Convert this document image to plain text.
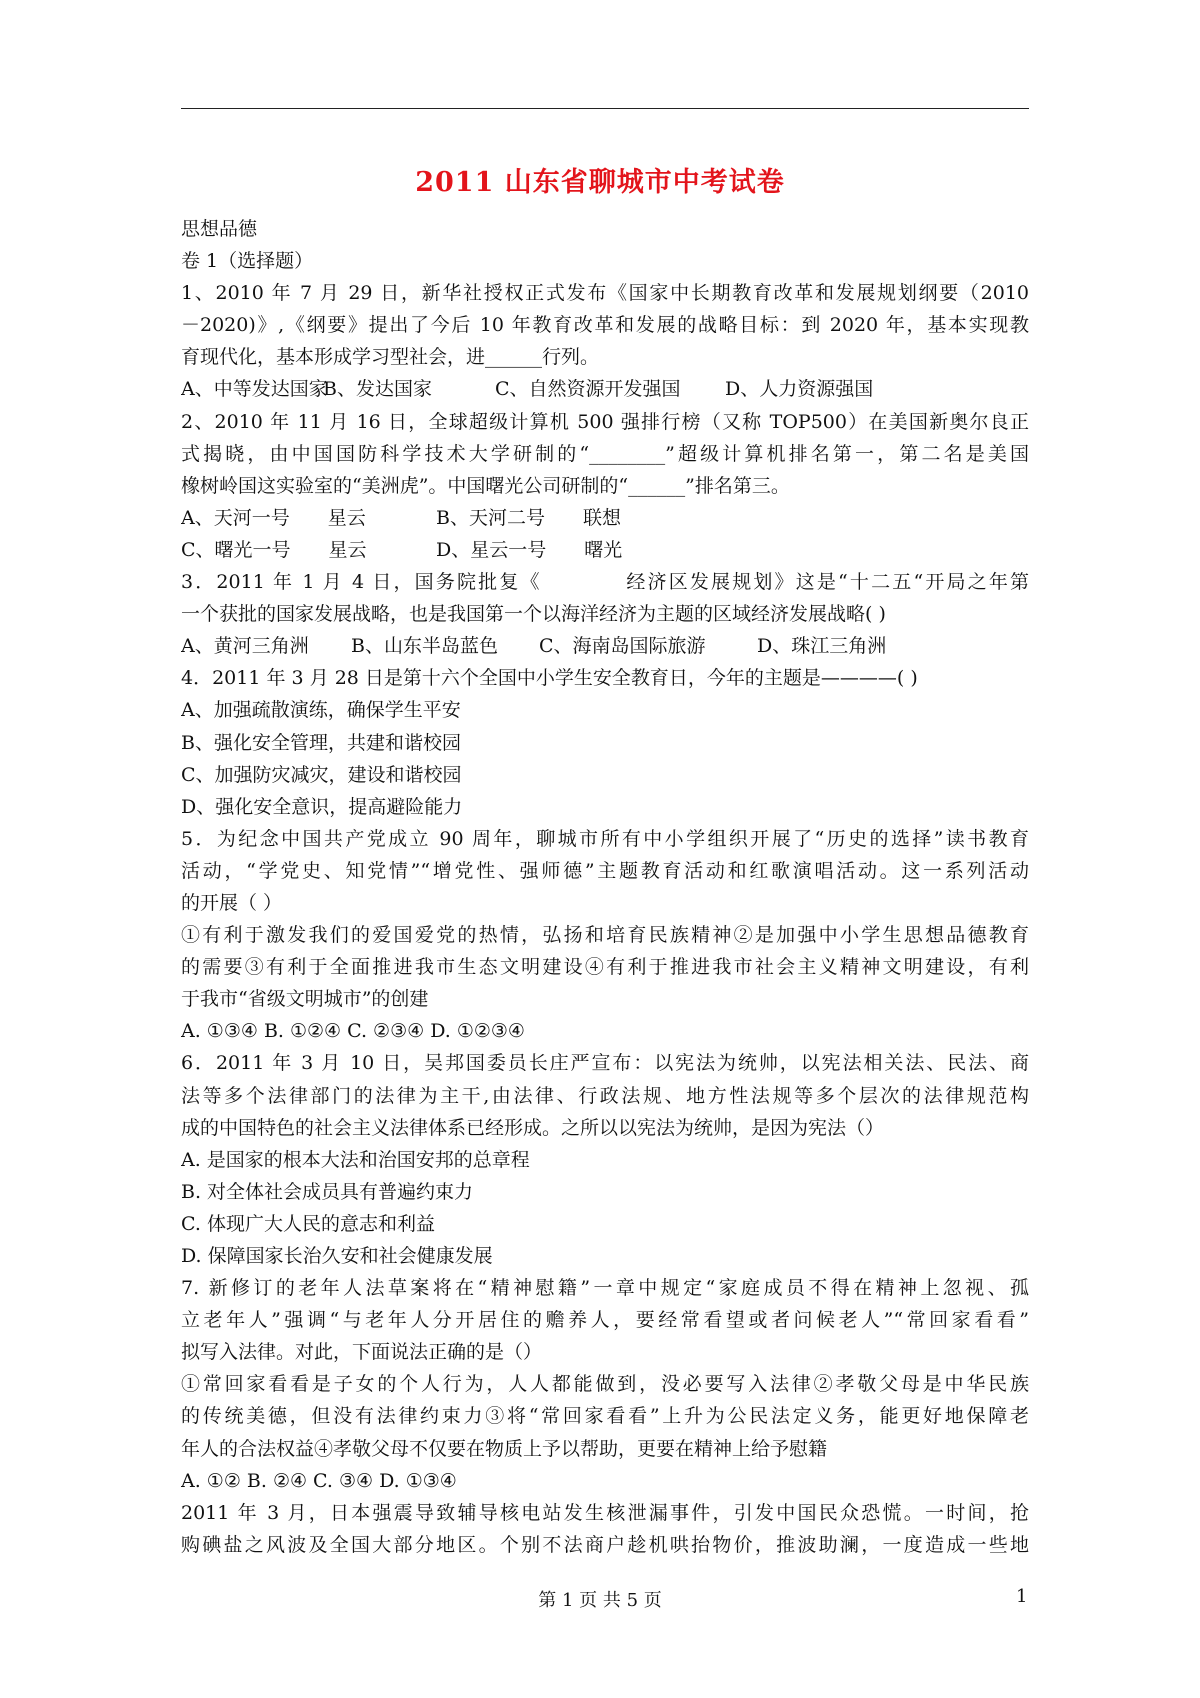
2011 山东省聊城市中考试卷
思想品德
卷 1（选择题）
1、2010 年 7 月 29 日，新华社授权正式发布《国家中长期教育改革和发展规划纲要（2010
－2020)》,《纲要》提出了今后 10 年教育改革和发展的战略目标：到 2020 年，基本实现教
育现代化，基本形成学习型社会，进______行列。
A、中等发达国家
B、发达国家	C、自然资源开发强国	D、人力资源强国
2、2010 年 11 月 16 日，全球超级计算机 500 强排行榜（又称 TOP500）在美国新奥尔良正
式揭晓，由中国国防科学技术大学研制的“________”超级计算机排名第一，第二名是美国
橡树岭国这实验室的“美洲虎”。中国曙光公司研制的“______”排名第三。
A、天河一号　　星云	B、天河二号　　联想
C、曙光一号　　星云	D、星云一号　　曙光
3．2011 年 1 月 4 日，国务院批复《　　　　经济区发展规划》这是“十二五“开局之年第
一个获批的国家发展战略，也是我国第一个以海洋经济为主题的区域经济发展战略( )
A、黄河三角洲	B、山东半岛蓝色	C、海南岛国际旅游	D、珠江三角洲
4．2011 年 3 月 28 日是第十六个全国中小学生安全教育日，今年的主题是————( )
A、加强疏散演练，确保学生平安
B、强化安全管理，共建和谐校园
C、加强防灾减灾，建设和谐校园
D、强化安全意识，提高避险能力
5．为纪念中国共产党成立 90 周年，聊城市所有中小学组织开展了“历史的选择”读书教育
活动，“学党史、知党情”“增党性、强师德”主题教育活动和红歌演唱活动。这一系列活动
的开展（ ）
①有利于激发我们的爱国爱党的热情，弘扬和培育民族精神②是加强中小学生思想品德教育
的需要③有利于全面推进我市生态文明建设④有利于推进我市社会主义精神文明建设，有利
于我市“省级文明城市”的创建
A. ①③④ B. ①②④ C. ②③④ D. ①②③④
6．2011 年 3 月 10 日，吴邦国委员长庄严宣布：以宪法为统帅，以宪法相关法、民法、商
法等多个法律部门的法律为主干,由法律、行政法规、地方性法规等多个层次的法律规范构
成的中国特色的社会主义法律体系已经形成。之所以以宪法为统帅，是因为宪法（）
A. 是国家的根本大法和治国安邦的总章程
B. 对全体社会成员具有普遍约束力
C. 体现广大人民的意志和利益
D. 保障国家长治久安和社会健康发展
7. 新修订的老年人法草案将在“精神慰籍”一章中规定“家庭成员不得在精神上忽视、孤
立老年人”强调“与老年人分开居住的赡养人，要经常看望或者问候老人”“常回家看看”
拟写入法律。对此，下面说法正确的是（）
①常回家看看是子女的个人行为，人人都能做到，没必要写入法律②孝敬父母是中华民族
的传统美德，但没有法律约束力③将“常回家看看”上升为公民法定义务，能更好地保障老
年人的合法权益④孝敬父母不仅要在物质上予以帮助，更要在精神上给予慰籍
A. ①② B. ②④ C. ③④ D. ①③④
2011 年 3 月，日本强震导致辅导核电站发生核泄漏事件，引发中国民众恐慌。一时间，抢
购碘盐之风波及全国大部分地区。个别不法商户趁机哄抬物价，推波助澜，一度造成一些地
第 1 页 共 5 页	1
